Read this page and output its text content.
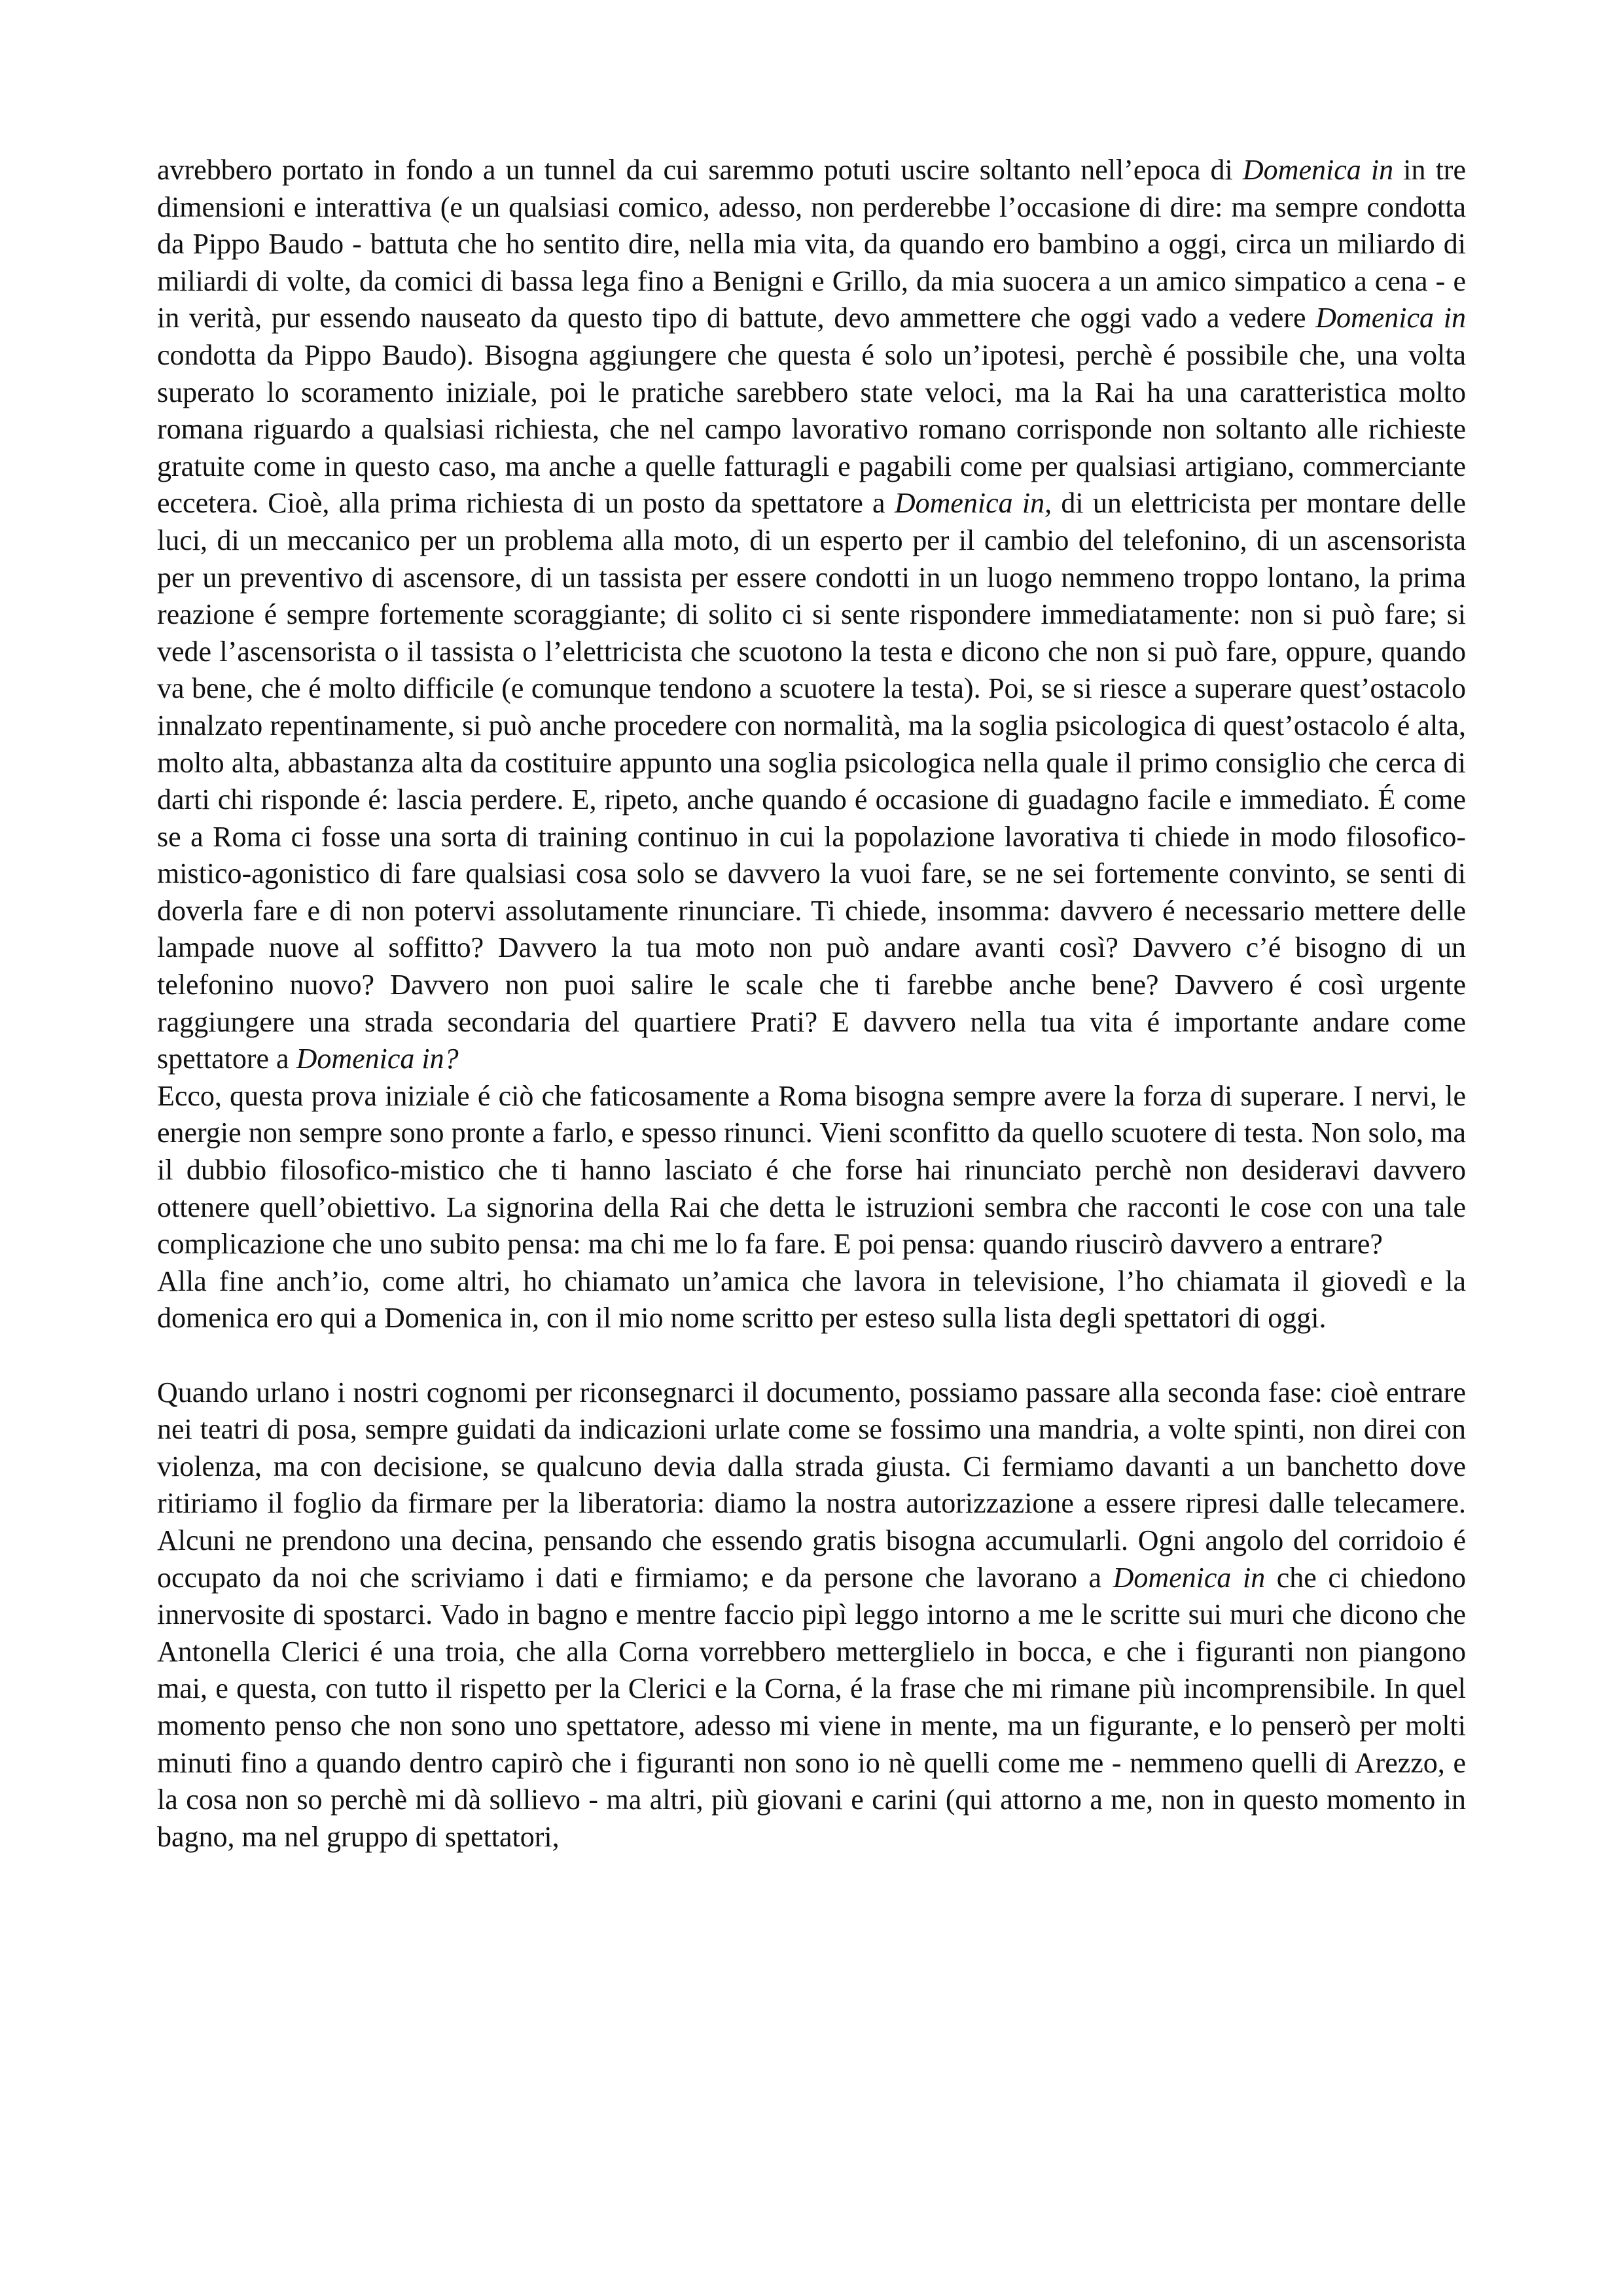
avrebbero portato in fondo a un tunnel da cui saremmo potuti uscire soltanto nell’epoca di Domenica in in tre dimensioni e interattiva (e un qualsiasi comico, adesso, non perderebbe l’occasione di dire: ma sempre condotta da Pippo Baudo - battuta che ho sentito dire, nella mia vita, da quando ero bambino a oggi, circa un miliardo di miliardi di volte, da comici di bassa lega fino a Benigni e Grillo, da mia suocera a un amico simpatico a cena - e in verità, pur essendo nauseato da questo tipo di battute, devo ammettere che oggi vado a vedere Domenica in condotta da Pippo Baudo). Bisogna aggiungere che questa é solo un’ipotesi, perchè é possibile che, una volta superato lo scoramento iniziale, poi le pratiche sarebbero state veloci, ma la Rai ha una caratteristica molto romana riguardo a qualsiasi richiesta, che nel campo lavorativo romano corrisponde non soltanto alle richieste gratuite come in questo caso, ma anche a quelle fatturagli e pagabili come per qualsiasi artigiano, commerciante eccetera. Cioè, alla prima richiesta di un posto da spettatore a Domenica in, di un elettricista per montare delle luci, di un meccanico per un problema alla moto, di un esperto per il cambio del telefonino, di un ascensorista per un preventivo di ascensore, di un tassista per essere condotti in un luogo nemmeno troppo lontano, la prima reazione é sempre fortemente scoraggiante; di solito ci si sente rispondere immediatamente: non si può fare; si vede l’ascensorista o il tassista o l’elettricista che scuotono la testa e dicono che non si può fare, oppure, quando va bene, che é molto difficile (e comunque tendono a scuotere la testa). Poi, se si riesce a superare quest’ostacolo innalzato repentinamente, si può anche procedere con normalità, ma la soglia psicologica di quest’ostacolo é alta, molto alta, abbastanza alta da costituire appunto una soglia psicologica nella quale il primo consiglio che cerca di darti chi risponde é: lascia perdere. E, ripeto, anche quando é occasione di guadagno facile e immediato. É come se a Roma ci fosse una sorta di training continuo in cui la popolazione lavorativa ti chiede in modo filosofico-mistico-agonistico di fare qualsiasi cosa solo se davvero la vuoi fare, se ne sei fortemente convinto, se senti di doverla fare e di non potervi assolutamente rinunciare. Ti chiede, insomma: davvero é necessario mettere delle lampade nuove al soffitto? Davvero la tua moto non può andare avanti così? Davvero c’é bisogno di un telefonino nuovo? Davvero non puoi salire le scale che ti farebbe anche bene? Davvero é così urgente raggiungere una strada secondaria del quartiere Prati? E davvero nella tua vita é importante andare come spettatore a Domenica in?

Ecco, questa prova iniziale é ciò che faticosamente a Roma bisogna sempre avere la forza di superare. I nervi, le energie non sempre sono pronte a farlo, e spesso rinunci. Vieni sconfitto da quello scuotere di testa. Non solo, ma il dubbio filosofico-mistico che ti hanno lasciato é che forse hai rinunciato perchè non desideravi davvero ottenere quell’obiettivo. La signorina della Rai che detta le istruzioni sembra che racconti le cose con una tale complicazione che uno subito pensa: ma chi me lo fa fare. E poi pensa: quando riuscirò davvero a entrare?

Alla fine anch’io, come altri, ho chiamato un’amica che lavora in televisione, l’ho chiamata il giovedì e la domenica ero qui a Domenica in, con il mio nome scritto per esteso sulla lista degli spettatori di oggi.

Quando urlano i nostri cognomi per riconsegnarci il documento, possiamo passare alla seconda fase: cioè entrare nei teatri di posa, sempre guidati da indicazioni urlate come se fossimo una mandria, a volte spinti, non direi con violenza, ma con decisione, se qualcuno devia dalla strada giusta. Ci fermiamo davanti a un banchetto dove ritiriamo il foglio da firmare per la liberatoria: diamo la nostra autorizzazione a essere ripresi dalle telecamere. Alcuni ne prendono una decina, pensando che essendo gratis bisogna accumularli. Ogni angolo del corridoio é occupato da noi che scriviamo i dati e firmiamo; e da persone che lavorano a Domenica in che ci chiedono innervosite di spostarci. Vado in bagno e mentre faccio pipì leggo intorno a me le scritte sui muri che dicono che Antonella Clerici é una troia, che alla Corna vorrebbero metterglielo in bocca, e che i figuranti non piangono mai, e questa, con tutto il rispetto per la Clerici e la Corna, é la frase che mi rimane più incomprensibile. In quel momento penso che non sono uno spettatore, adesso mi viene in mente, ma un figurante, e lo penserò per molti minuti fino a quando dentro capirò che i figuranti non sono io nè quelli come me - nemmeno quelli di Arezzo, e la cosa non so perchè mi dà sollievo - ma altri, più giovani e carini (qui attorno a me, non in questo momento in bagno, ma nel gruppo di spettatori,
